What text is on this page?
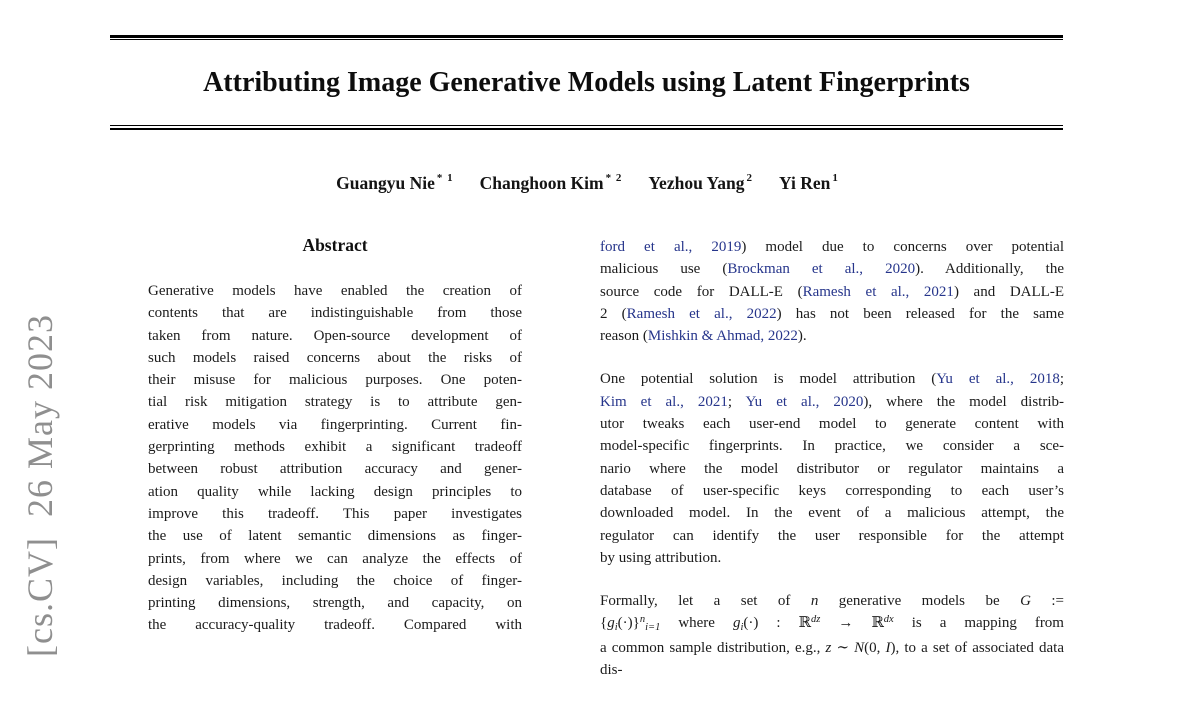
[cs.CV]  26 May 2023
Attributing Image Generative Models using Latent Fingerprints
Guangyu Nie $^{* 1}$ Changhoon Kim $^{* 2}$ Yezhou Yang $^2$ Yi Ren $^1$
Abstract
Generative models have enabled the creation of
contents that are indistinguishable from those
taken from nature. Open-source development of
such models raised concerns about the risks of
their misuse for malicious purposes. One poten-
tial risk mitigation strategy is to attribute gen-
erative models via fingerprinting. Current fin-
gerprinting methods exhibit a significant tradeoff
between robust attribution accuracy and gener-
ation quality while lacking design principles to
improve this tradeoff. This paper investigates
the use of latent semantic dimensions as finger-
prints, from where we can analyze the effects of
design variables, including the choice of finger-
printing dimensions, strength, and capacity, on
the accuracy-quality tradeoff. Compared with
ford et al., 2019) model due to concerns over potential
malicious use (Brockman et al., 2020). Additionally, the
source code for DALL-E (Ramesh et al., 2021) and DALL-E
2 (Ramesh et al., 2022) has not been released for the same
reason (Mishkin & Ahmad, 2022).
One potential solution is model attribution (Yu et al., 2018;
Kim et al., 2021; Yu et al., 2020), where the model distrib-
utor tweaks each user-end model to generate content with
model-specific fingerprints. In practice, we consider a sce-
nario where the model distributor or regulator maintains a
database of user-specific keys corresponding to each user’s
downloaded model. In the event of a malicious attempt, the
regulator can identify the user responsible for the attempt
by using attribution.
Formally, let a set of n generative models be G :=
$\{g_i(\cdot)\}^n_{i=1}$ where $g_i(\cdot)$ : ℝ$^{dz}$ → ℝ$^{dx}$ is a mapping from
a common sample distribution, e.g., z ∼ N(0, I), to a set of associated data dis-
